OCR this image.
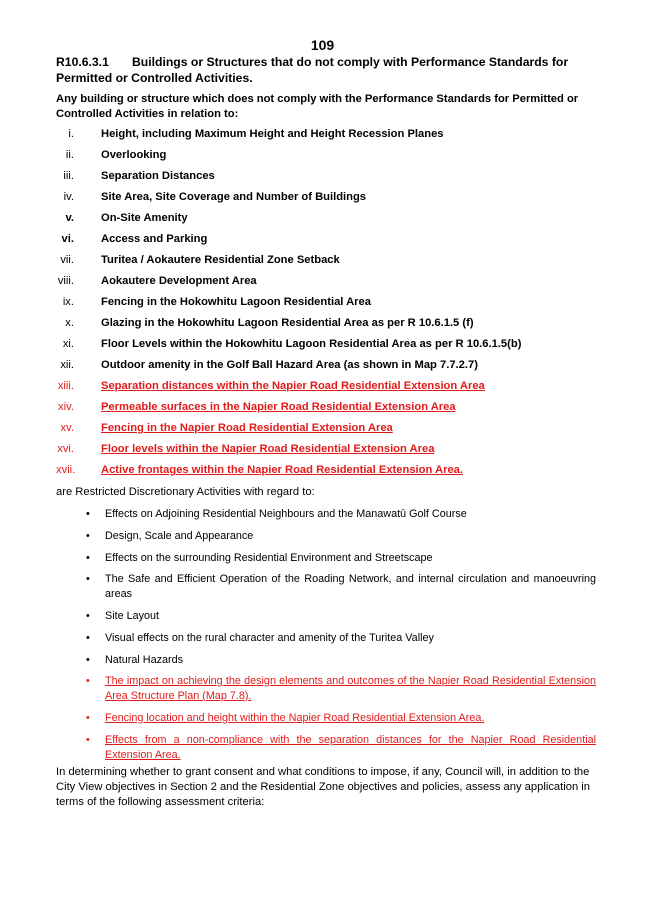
109
R10.6.3.1 Buildings or Structures that do not comply with Performance Standards for Permitted or Controlled Activities.
Any building or structure which does not comply with the Performance Standards for Permitted or Controlled Activities in relation to:
i. Height, including Maximum Height and Height Recession Planes
ii. Overlooking
iii. Separation Distances
iv. Site Area, Site Coverage and Number of Buildings
v. On-Site Amenity
vi. Access and Parking
vii. Turitea / Aokautere Residential Zone Setback
viii. Aokautere Development Area
ix. Fencing in the Hokowhitu Lagoon Residential Area
x. Glazing in the Hokowhitu Lagoon Residential Area as per R 10.6.1.5 (f)
xi. Floor Levels within the Hokowhitu Lagoon Residential Area as per R 10.6.1.5(b)
xii. Outdoor amenity in the Golf Ball Hazard Area (as shown in Map 7.7.2.7)
xiii. Separation distances within the Napier Road Residential Extension Area
xiv. Permeable surfaces in the Napier Road Residential Extension Area
xv. Fencing in the Napier Road Residential Extension Area
xvi. Floor levels within the Napier Road Residential Extension Area
xvii. Active frontages within the Napier Road Residential Extension Area.
are Restricted Discretionary Activities with regard to:
• Effects on Adjoining Residential Neighbours and the Manawatū Golf Course
• Design, Scale and Appearance
• Effects on the surrounding Residential Environment and Streetscape
• The Safe and Efficient Operation of the Roading Network, and internal circulation and manoeuvring areas
• Site Layout
• Visual effects on the rural character and amenity of the Turitea Valley
• Natural Hazards
• The impact on achieving the design elements and outcomes of the Napier Road Residential Extension Area Structure Plan (Map 7.8).
• Fencing location and height within the Napier Road Residential Extension Area.
• Effects from a non-compliance with the separation distances for the Napier Road Residential Extension Area.
In determining whether to grant consent and what conditions to impose, if any, Council will, in addition to the City View objectives in Section 2 and the Residential Zone objectives and policies, assess any application in terms of the following assessment criteria:
